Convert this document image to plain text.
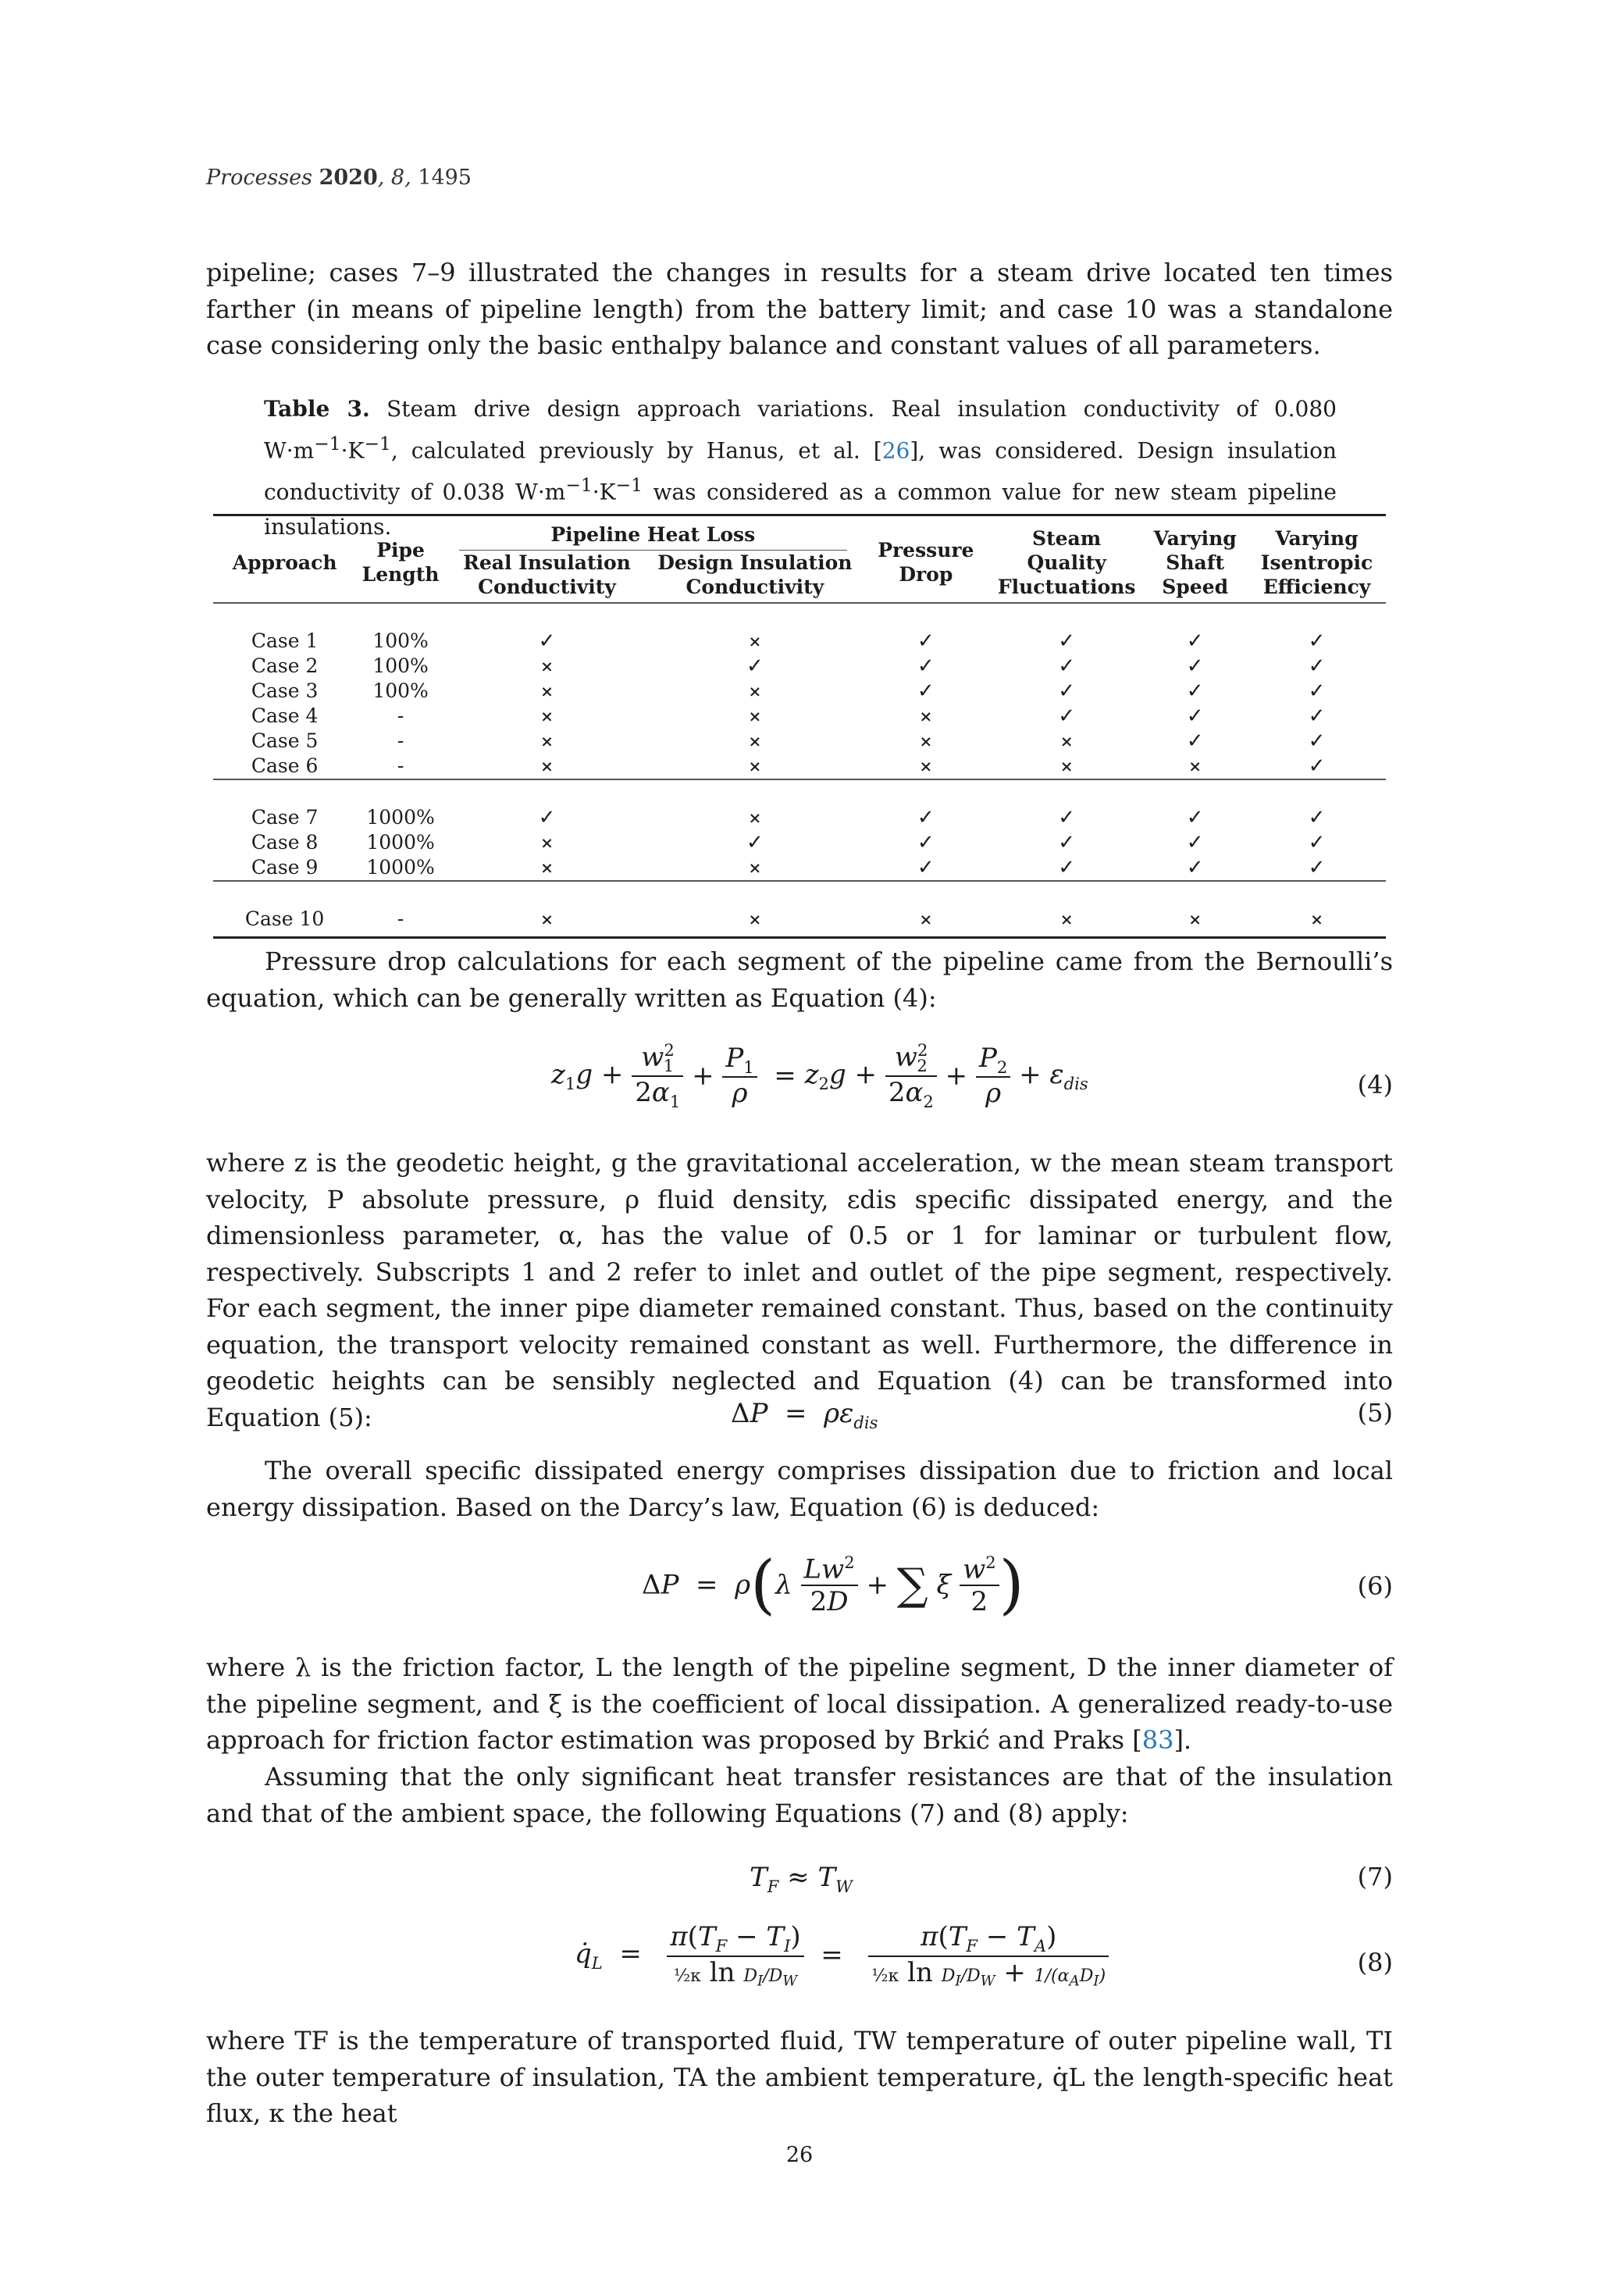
Processes 2020, 8, 1495
pipeline; cases 7–9 illustrated the changes in results for a steam drive located ten times farther (in means of pipeline length) from the battery limit; and case 10 was a standalone case considering only the basic enthalpy balance and constant values of all parameters.
Table 3. Steam drive design approach variations. Real insulation conductivity of 0.080 $W\cdot m^{-1}\cdot K^{-1}$, calculated previously by Hanus, et al. [26], was considered. Design insulation conductivity of 0.038 $W\cdot m^{-1}\cdot K^{-1}$ was considered as a common value for new steam pipeline insulations.
Approach	Pipe Length	Pipeline Heat Loss		Pressure Drop	Steam Quality Fluctuations	Varying Shaft Speed	Varying Isentropic Efficiency
		Real Insulation Conductivity	Design Insulation Conductivity				

Case 1	100%	✓	×	✓	✓	✓	✓
Case 2	100%	×	✓	✓	✓	✓	✓
Case 3	100%	×	×	✓	✓	✓	✓
Case 4	-	×	×	×	✓	✓	✓
Case 5	-	×	×	×	×	✓	✓
Case 6	-	×	×	×	×	×	✓

Case 7	1000%	✓	×	✓	✓	✓	✓
Case 8	1000%	×	✓	✓	✓	✓	✓
Case 9	1000%	×	×	✓	✓	✓	✓

Case 10	-	×	×	×	×	×	×
Pressure drop calculations for each segment of the pipeline came from the Bernoulli’s equation, which can be generally written as Equation (4):
$z_1g + \frac{w^2_1}{2\alpha_1} + \frac{P_1}{\rho} = z_2g + \frac{w^2_2}{2\alpha_2} + \frac{P_2}{\rho} + \varepsilon_{dis}$	(4)
where z is the geodetic height, g the gravitational acceleration, w the mean steam transport velocity, P absolute pressure, ρ fluid density, εdis specific dissipated energy, and the dimensionless parameter, α, has the value of 0.5 or 1 for laminar or turbulent flow, respectively. Subscripts 1 and 2 refer to inlet and outlet of the pipe segment, respectively. For each segment, the inner pipe diameter remained constant. Thus, based on the continuity equation, the transport velocity remained constant as well. Furthermore, the difference in geodetic heights can be sensibly neglected and Equation (4) can be transformed into Equation (5):	$\Delta P = \rho\varepsilon_{dis}$	(5)
The overall specific dissipated energy comprises dissipation due to friction and local energy dissipation. Based on the Darcy’s law, Equation (6) is deduced:
$\Delta P = \rho(\lambda \frac{Lw^2}{2D}$ + ∑ ξ $\frac{w^2}{2}$ )	(6)
where λ is the friction factor, L the length of the pipeline segment, D the inner diameter of the pipeline segment, and ξ is the coefficient of local dissipation. A generalized ready-to-use approach for friction factor estimation was proposed by Brkić and Praks [83].
Assuming that the only significant heat transfer resistances are that of the insulation and that of the ambient space, the following Equations (7) and (8) apply:
$T_F \approx T_W$	(7)
$q̇_L = \frac{\pi(T_F - T_I)}{\frac{1}{2}\kappa \ln D_I/D_W} = \frac{\pi(T_F - T_A)}{\frac{1}{2}\kappa \ln D_I/D_W + 1/(\alpha_AD_I)}$	(8)
where TF is the temperature of transported fluid, TW temperature of outer pipeline wall, TI the outer temperature of insulation, TA the ambient temperature, q̇L the length-specific heat flux, κ the heat
26
